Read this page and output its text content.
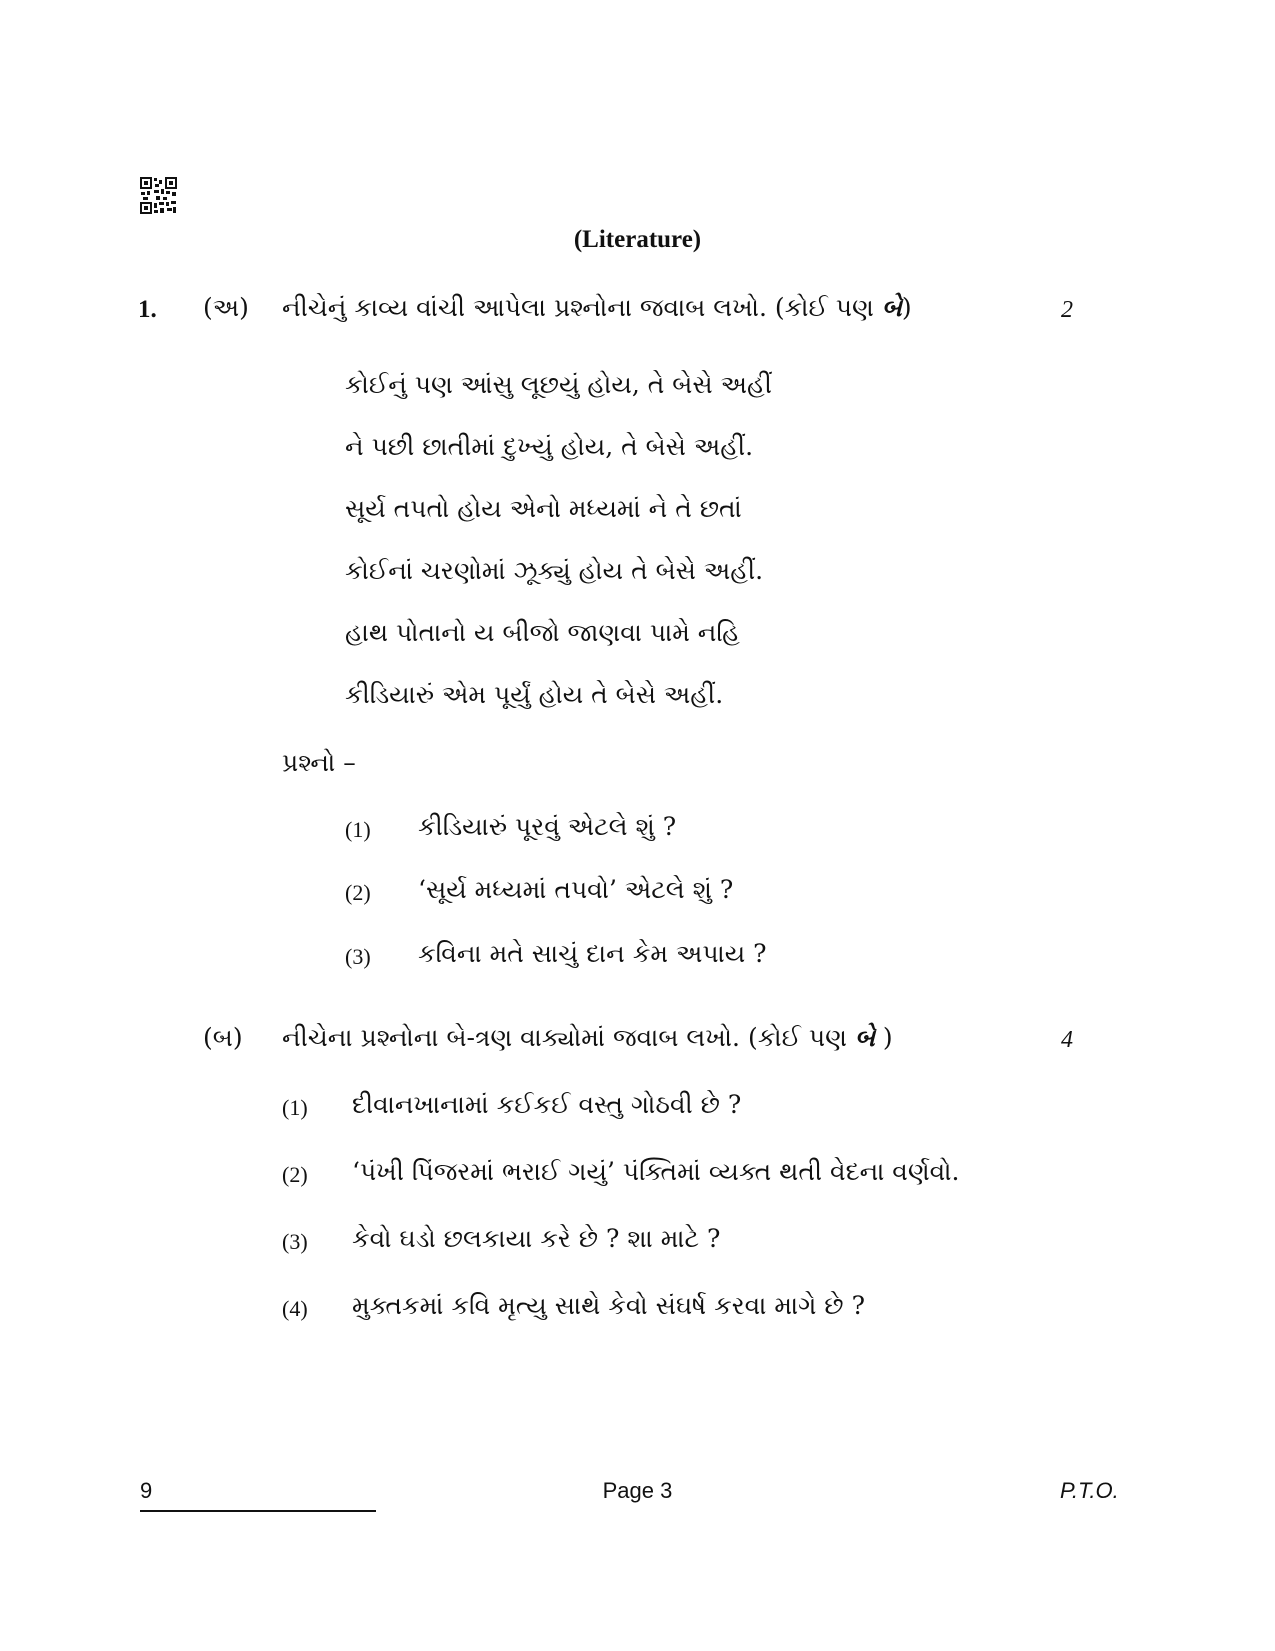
(Literature)
1. (અ) નીચેનું કાવ્ય વાંચી આપેલા પ્રશ્નોના જવાબ લખો. (કોઈ પણ બે)	2
કોઈનું પણ આંસુ લૂછયું હોય, તે બેસે અહીં
ને પછી છાતીમાં દુખ્યું હોય, તે બેસે અહીં.
સૂર્ય તપતો હોય એનો મધ્યમાં ને તે છતાં
કોઈનાં ચરણોમાં ઝૂક્યું હોય તે બેસે અહીં.
હાથ પોતાનો ય બીજો જાણવા પામે નહિ
કીડિયારું એમ પૂર્યું હોય તે બેસે અહીં.
પ્રશ્નો –
(1) કીડિયારું પૂરવું એટલે શું ?
(2) ‘સૂર્ય મધ્યમાં તપવો’ એટલે શું ?
(3) કવિના મતે સાચું દાન કેમ અપાય ?
(બ) નીચેના પ્રશ્નોના બે-ત્રણ વાક્યોમાં જવાબ લખો. (કોઈ પણ બે )	4
(1) દીવાનખાનામાં કઈકઈ વસ્તુ ગોઠવી છે ?
(2) ‘પંખી પિંજરમાં ભરાઈ ગયું’ પંક્તિમાં વ્યક્ત થતી વેદના વર્ણવો.
(3) કેવો ઘડો છલકાયા કરે છે ? શા માટે ?
(4) મુક્તકમાં કવિ મૃત્યુ સાથે કેવો સંઘર્ષ કરવા માગે છે ?
9	Page 3	P.T.O.
